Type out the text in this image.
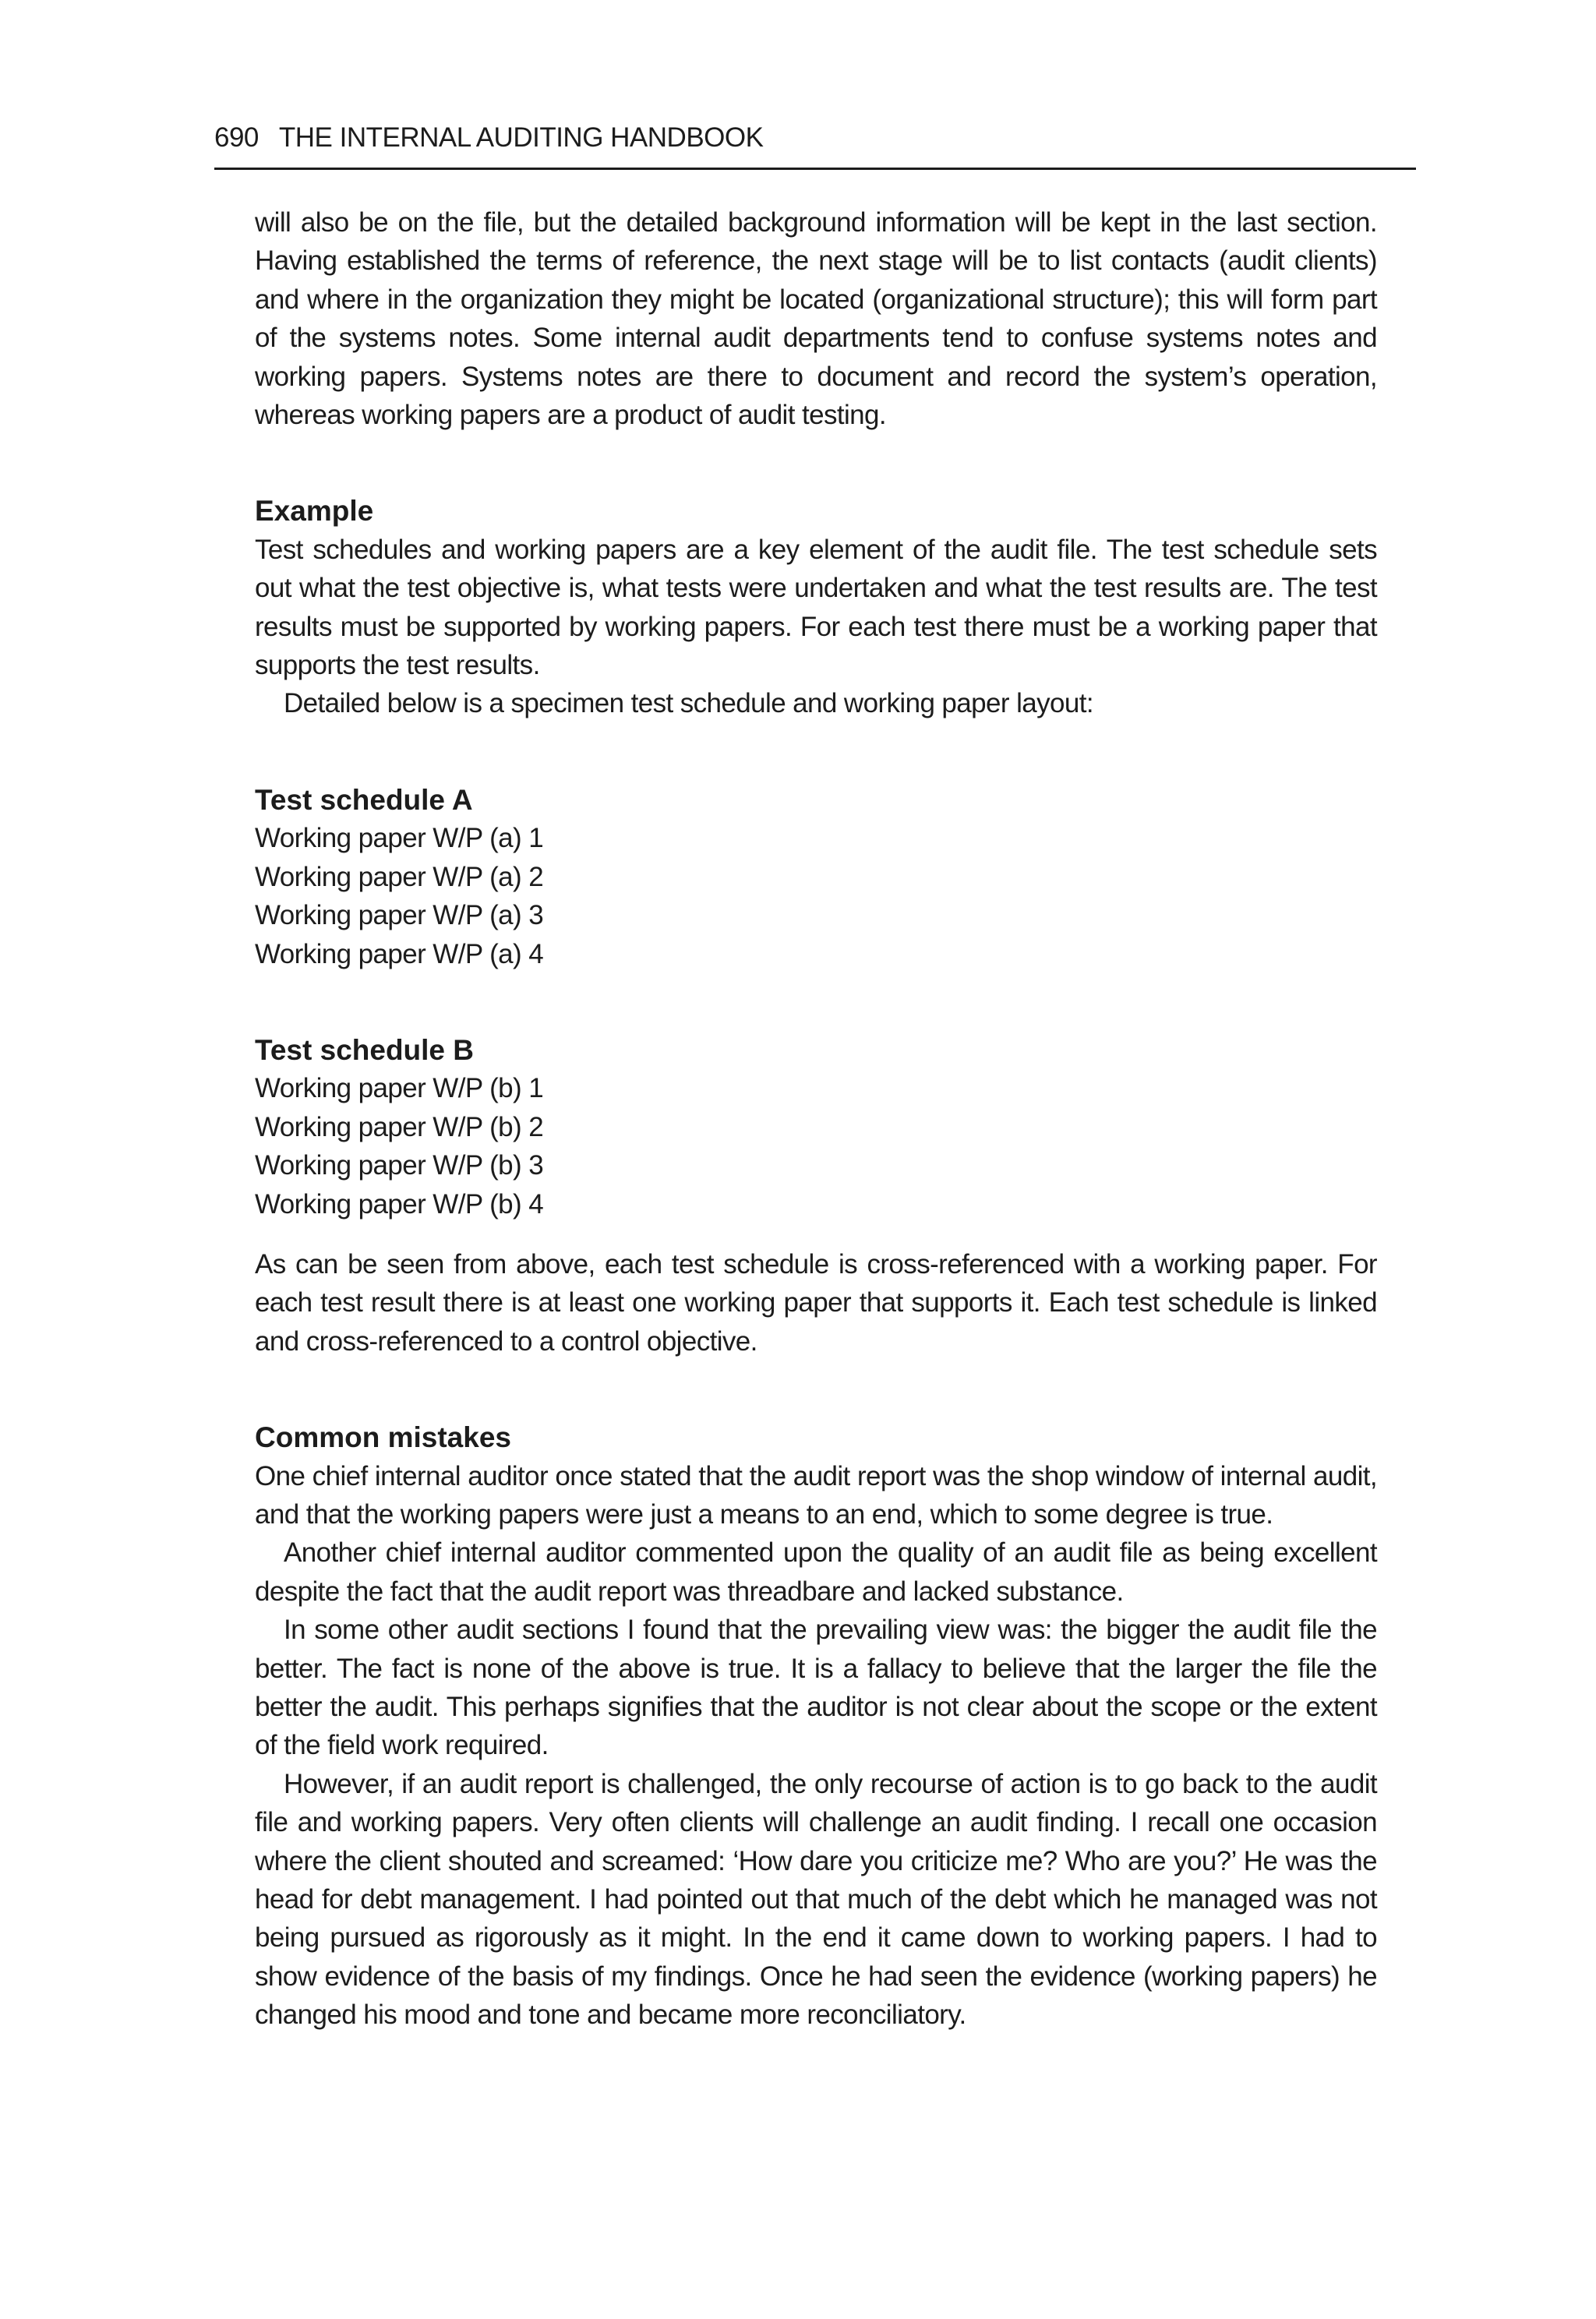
690 THE INTERNAL AUDITING HANDBOOK

will also be on the file, but the detailed background information will be kept in the last section. Having established the terms of reference, the next stage will be to list contacts (audit clients) and where in the organization they might be located (organizational structure); this will form part of the systems notes. Some internal audit departments tend to confuse systems notes and working papers. Systems notes are there to document and record the system’s operation, whereas working papers are a product of audit testing.

Example

Test schedules and working papers are a key element of the audit file. The test schedule sets out what the test objective is, what tests were undertaken and what the test results are. The test results must be supported by working papers. For each test there must be a working paper that supports the test results.

Detailed below is a specimen test schedule and working paper layout:

Test schedule A
Working paper W/P (a) 1
Working paper W/P (a) 2
Working paper W/P (a) 3
Working paper W/P (a) 4
Test schedule B
Working paper W/P (b) 1
Working paper W/P (b) 2
Working paper W/P (b) 3
Working paper W/P (b) 4

As can be seen from above, each test schedule is cross-referenced with a working paper. For each test result there is at least one working paper that supports it. Each test schedule is linked and cross-referenced to a control objective.

Common mistakes

One chief internal auditor once stated that the audit report was the shop window of internal audit, and that the working papers were just a means to an end, which to some degree is true.

Another chief internal auditor commented upon the quality of an audit file as being excellent despite the fact that the audit report was threadbare and lacked substance.

In some other audit sections I found that the prevailing view was: the bigger the audit file the better. The fact is none of the above is true. It is a fallacy to believe that the larger the file the better the audit. This perhaps signifies that the auditor is not clear about the scope or the extent of the field work required.

However, if an audit report is challenged, the only recourse of action is to go back to the audit file and working papers. Very often clients will challenge an audit finding. I recall one occasion where the client shouted and screamed: ‘How dare you criticize me? Who are you?’ He was the head for debt management. I had pointed out that much of the debt which he managed was not being pursued as rigorously as it might. In the end it came down to working papers. I had to show evidence of the basis of my findings. Once he had seen the evidence (working papers) he changed his mood and tone and became more reconciliatory.
